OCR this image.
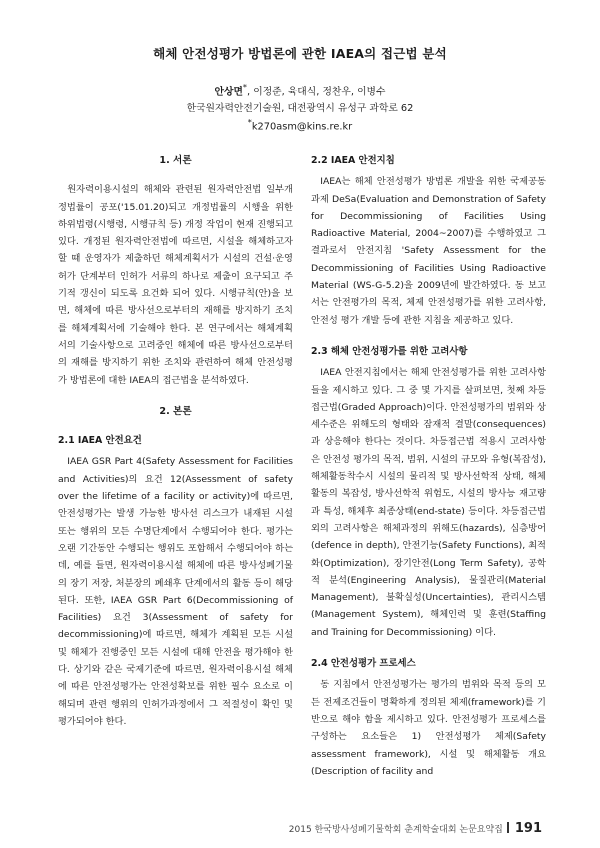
해체 안전성평가 방법론에 관한 IAEA의 접근법 분석
안상면*, 이정준, 육대식, 정찬우, 이병수
한국원자력안전기술원, 대전광역시 유성구 과학로 62
*k270asm@kins.re.kr
1. 서론

원자력이용시설의 해체와 관련된 원자력안전법 일부개정법률이 공포('15.01.20)되고 개정법률의 시행을 위한 하위법령(시행령, 시행규칙 등) 개정 작업이 현재 진행되고 있다. 개정된 원자력안전법에 따르면, 시설을 해체하고자 할 때 운영자가 제출하던 해체계획서가 시설의 건설·운영허가 단계부터 인허가 서류의 하나로 제출이 요구되고 주기적 갱신이 되도록 요건화 되어 있다. 시행규칙(안)을 보면, 해체에 따른 방사선으로부터의 재해를 방지하기 조치를 해체계획서에 기술해야 한다. 본 연구에서는 해체계획서의 기술사항으로 고려중인 해체에 따른 방사선으로부터의 재해를 방지하기 위한 조치와 관련하여 해체 안전성평가 방법론에 대한 IAEA의 접근법을 분석하였다.

2. 본론
2.1 IAEA 안전요건

IAEA GSR Part 4(Safety Assessment for Facilities and Activities)의 요건 12(Assessment of safety over the lifetime of a facility or activity)에 따르면, 안전성평가는 발생 가능한 방사선 리스크가 내재된 시설 또는 행위의 모든 수명단계에서 수행되어야 한다. 평가는 오랜 기간동안 수행되는 행위도 포함해서 수행되어야 하는데, 예를 들면, 원자력이용시설 해체에 따른 방사성폐기물의 장기 저장, 처분장의 폐쇄후 단계에서의 활동 등이 해당된다. 또한, IAEA GSR Part 6(Decommissioning of Facilities) 요건 3(Assessment of safety for decommissioning)에 따르면, 해체가 계획된 모든 시설 및 해체가 진행중인 모든 시설에 대해 안전을 평가해야 한다. 상기와 같은 국제기준에 따르면, 원자력이용시설 해체에 따른 안전성평가는 안전성확보를 위한 필수 요소로 이해되며 관련 행위의 인허가과정에서 그 적절성이 확인 및 평가되어야 한다.

2.2 IAEA 안전지침

IAEA는 해체 안전성평가 방법론 개발을 위한 국제공동과제 DeSa(Evaluation and Demonstration of Safety for Decommissioning of Facilities Using Radioactive Material, 2004~2007)를 수행하였고 그 결과로서 안전지침 'Safety Assessment for the Decommissioning of Facilities Using Radioactive Material (WS-G-5.2)을 2009년에 발간하였다. 동 보고서는 안전평가의 목적, 체제 안전성평가를 위한 고려사항, 안전성 평가 개발 등에 관한 지침을 제공하고 있다.

2.3 해체 안전성평가를 위한 고려사항

IAEA 안전지침에서는 해체 안전성평가를 위한 고려사항들을 제시하고 있다. 그 중 몇 가지를 살펴보면, 첫째 차등접근법(Graded Approach)이다. 안전성평가의 범위와 상세수준은 위해도의 형태와 잠재적 결말(consequences)과 상응해야 한다는 것이다. 차등접근법 적용시 고려사항은 안전성 평가의 목적, 범위, 시설의 규모와 유형(복잡성), 해체활동착수시 시설의 물리적 및 방사선학적 상태, 해체활동의 복잡성, 방사선학적 위험도, 시설의 방사능 재고량과 특성, 해체후 최종상태(end-state) 등이다. 차등접근법 외의 고려사항은 해체과정의 위해도(hazards), 심층방어(defence in depth), 안전기능(Safety Functions), 최적화(Optimization), 장기안전(Long Term Safety), 공학적 분석(Engineering Analysis), 물질관리(Material Management), 불확실성(Uncertainties), 관리시스템(Management System), 해체인력 및 훈련(Staffing and Training for Decommissioning) 이다.

2.4 안전성평가 프로세스

동 지침에서 안전성평가는 평가의 범위와 목적 등의 모든 전제조건들이 명확하게 정의된 체제(framework)를 기반으로 해야 함을 제시하고 있다. 안전성평가 프로세스를 구성하는 요소들은 1) 안전성평가 체제(Safety assessment framework), 시설 및 해체활동 개요(Description of facility and

2015 한국방사성폐기물학회 춘계학술대회 논문요약집 191
